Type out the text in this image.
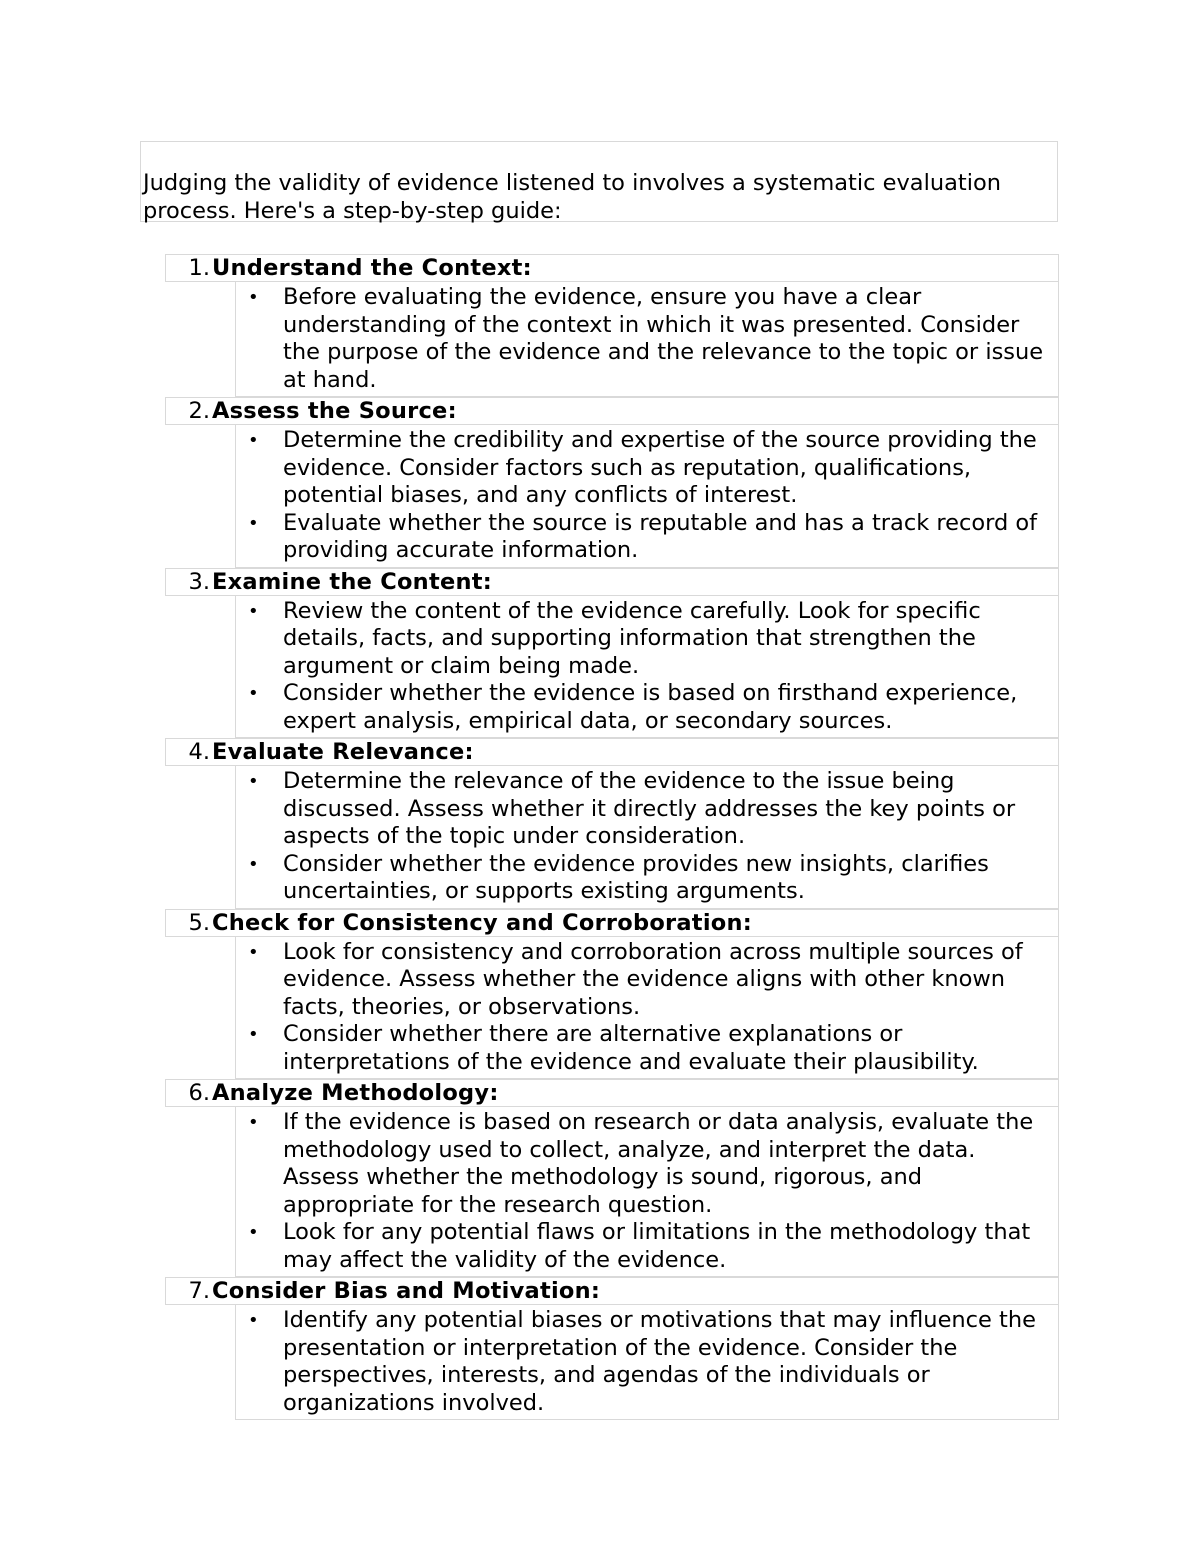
Judging the validity of evidence listened to involves a systematic evaluation process. Here's a step-by-step guide:
1.Understand the Context:
•	Before evaluating the evidence, ensure you have a clear understanding of the context in which it was presented. Consider the purpose of the evidence and the relevance to the topic or issue at hand.
2.Assess the Source:
•	Determine the credibility and expertise of the source providing the evidence. Consider factors such as reputation, qualifications, potential biases, and any conflicts of interest.
•	Evaluate whether the source is reputable and has a track record of providing accurate information.
3.Examine the Content:
•	Review the content of the evidence carefully. Look for specific details, facts, and supporting information that strengthen the argument or claim being made.
•	Consider whether the evidence is based on firsthand experience, expert analysis, empirical data, or secondary sources.
4.Evaluate Relevance:
•	Determine the relevance of the evidence to the issue being discussed. Assess whether it directly addresses the key points or aspects of the topic under consideration.
•	Consider whether the evidence provides new insights, clarifies uncertainties, or supports existing arguments.
5.Check for Consistency and Corroboration:
•	Look for consistency and corroboration across multiple sources of evidence. Assess whether the evidence aligns with other known facts, theories, or observations.
•	Consider whether there are alternative explanations or interpretations of the evidence and evaluate their plausibility.
6.Analyze Methodology:
•	If the evidence is based on research or data analysis, evaluate the methodology used to collect, analyze, and interpret the data. Assess whether the methodology is sound, rigorous, and appropriate for the research question.
•	Look for any potential flaws or limitations in the methodology that may affect the validity of the evidence.
7.Consider Bias and Motivation:
•	Identify any potential biases or motivations that may influence the presentation or interpretation of the evidence. Consider the perspectives, interests, and agendas of the individuals or organizations involved.
